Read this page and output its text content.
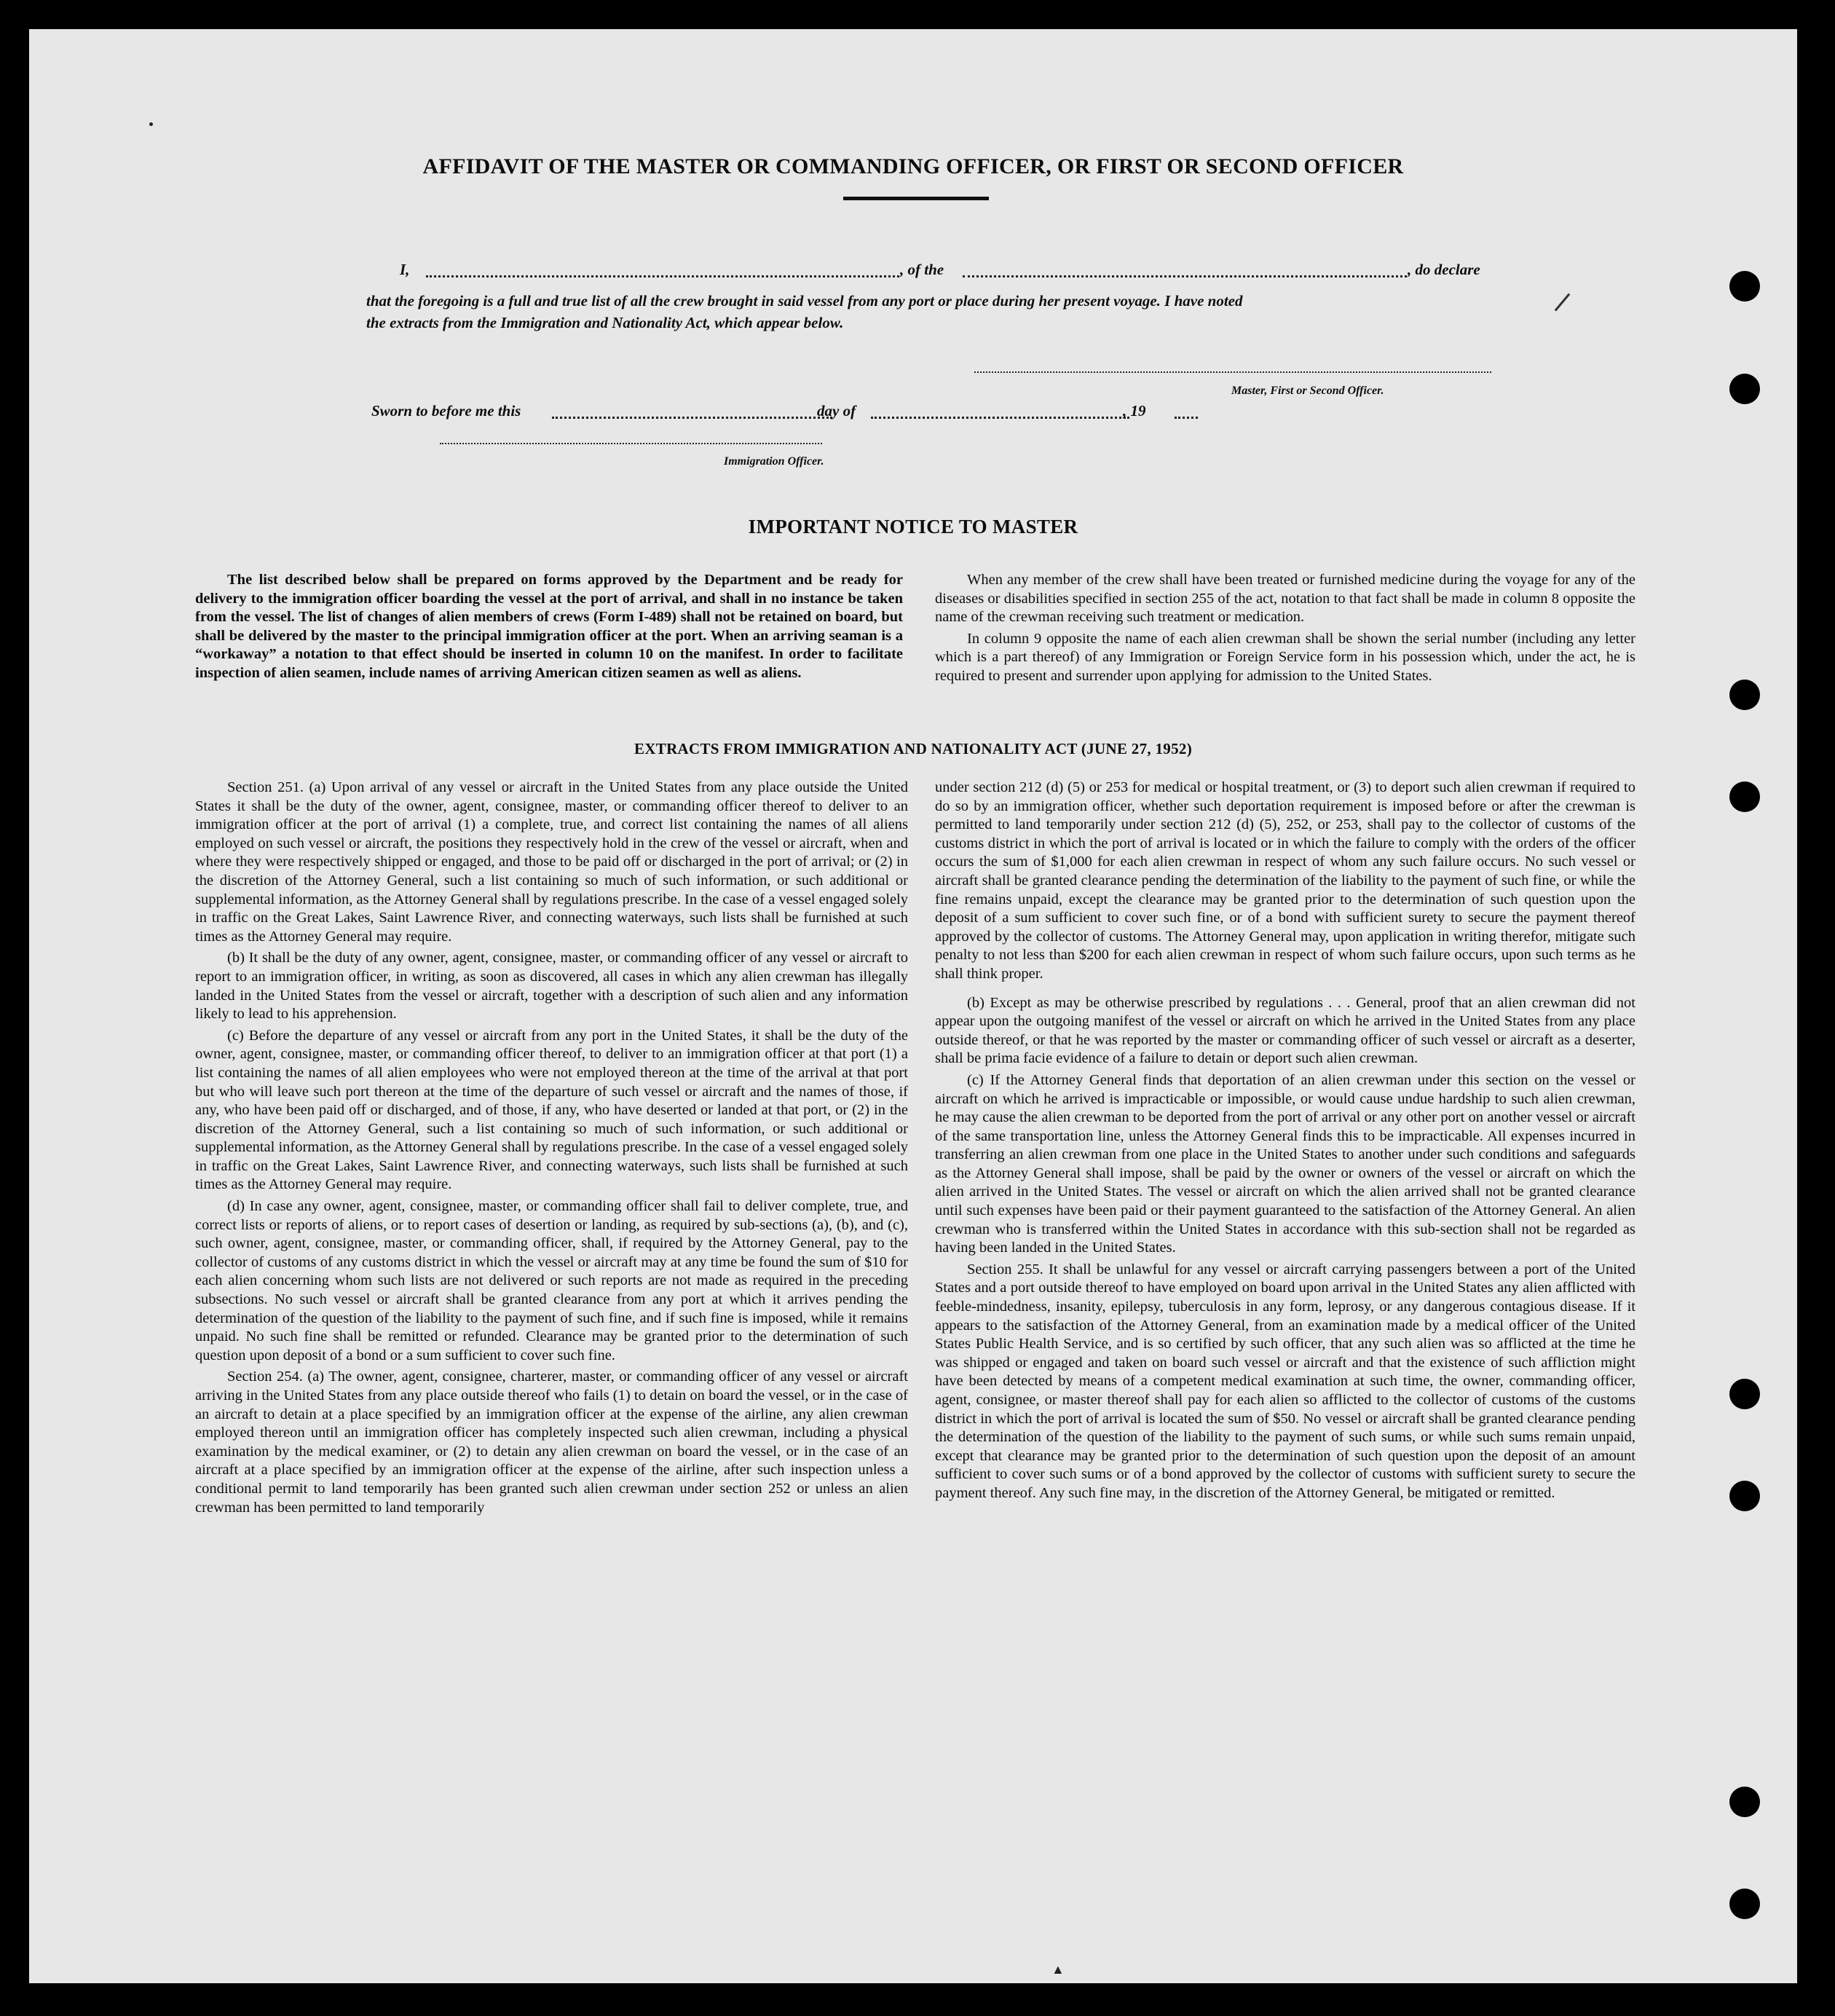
AFFIDAVIT OF THE MASTER OR COMMANDING OFFICER, OR FIRST OR SECOND OFFICER
I,	, of the	, do declare
that the foregoing is a full and true list of all the crew brought in said vessel from any port or place during her present voyage. I have noted
the extracts from the Immigration and Nationality Act, which appear below.
Master, First or Second Officer.
Sworn to before me this	day of	, 19
Immigration Officer.
IMPORTANT NOTICE TO MASTER

The list described below shall be prepared on forms approved by the Department and be ready for delivery to the immigration officer boarding the vessel at the port of arrival, and shall in no instance be taken from the vessel. The list of changes of alien members of crews (Form I-489) shall not be retained on board, but shall be delivered by the master to the principal immigration officer at the port. When an arriving seaman is a “workaway” a notation to that effect should be inserted in column 10 on the manifest. In order to facilitate inspection of alien seamen, include names of arriving American citizen seamen as well as aliens.

When any member of the crew shall have been treated or furnished medicine during the voyage for any of the diseases or disabilities specified in section 255 of the act, notation to that fact shall be made in column 8 opposite the name of the crewman receiving such treatment or medication.

In column 9 opposite the name of each alien crewman shall be shown the serial number (including any letter which is a part thereof) of any Immigration or Foreign Service form in his possession which, under the act, he is required to present and surrender upon applying for admission to the United States.

EXTRACTS FROM IMMIGRATION AND NATIONALITY ACT (JUNE 27, 1952)

Section 251. (a) Upon arrival of any vessel or aircraft in the United States from any place outside the United States it shall be the duty of the owner, agent, consignee, master, or commanding officer thereof to deliver to an immigration officer at the port of arrival (1) a complete, true, and correct list containing the names of all aliens employed on such vessel or aircraft, the positions they respectively hold in the crew of the vessel or aircraft, when and where they were respectively shipped or engaged, and those to be paid off or discharged in the port of arrival; or (2) in the discretion of the Attorney General, such a list containing so much of such information, or such additional or supplemental information, as the Attorney General shall by regulations prescribe. In the case of a vessel engaged solely in traffic on the Great Lakes, Saint Lawrence River, and connecting waterways, such lists shall be furnished at such times as the Attorney General may require.

(b) It shall be the duty of any owner, agent, consignee, master, or commanding officer of any vessel or aircraft to report to an immigration officer, in writing, as soon as discovered, all cases in which any alien crewman has illegally landed in the United States from the vessel or aircraft, together with a description of such alien and any information likely to lead to his apprehension.

(c) Before the departure of any vessel or aircraft from any port in the United States, it shall be the duty of the owner, agent, consignee, master, or commanding officer thereof, to deliver to an immigration officer at that port (1) a list containing the names of all alien employees who were not employed thereon at the time of the arrival at that port but who will leave such port thereon at the time of the departure of such vessel or aircraft and the names of those, if any, who have been paid off or discharged, and of those, if any, who have deserted or landed at that port, or (2) in the discretion of the Attorney General, such a list containing so much of such information, or such additional or supplemental information, as the Attorney General shall by regulations prescribe. In the case of a vessel engaged solely in traffic on the Great Lakes, Saint Lawrence River, and connecting waterways, such lists shall be furnished at such times as the Attorney General may require.

(d) In case any owner, agent, consignee, master, or commanding officer shall fail to deliver complete, true, and correct lists or reports of aliens, or to report cases of desertion or landing, as required by sub-sections (a), (b), and (c), such owner, agent, consignee, master, or commanding officer, shall, if required by the Attorney General, pay to the collector of customs of any customs district in which the vessel or aircraft may at any time be found the sum of $10 for each alien concerning whom such lists are not delivered or such reports are not made as required in the preceding subsections. No such vessel or aircraft shall be granted clearance from any port at which it arrives pending the determination of the question of the liability to the payment of such fine, and if such fine is imposed, while it remains unpaid. No such fine shall be remitted or refunded. Clearance may be granted prior to the determination of such question upon deposit of a bond or a sum sufficient to cover such fine.

Section 254. (a) The owner, agent, consignee, charterer, master, or commanding officer of any vessel or aircraft arriving in the United States from any place outside thereof who fails (1) to detain on board the vessel, or in the case of an aircraft to detain at a place specified by an immigration officer at the expense of the airline, any alien crewman employed thereon until an immigration officer has completely inspected such alien crewman, including a physical examination by the medical examiner, or (2) to detain any alien crewman on board the vessel, or in the case of an aircraft at a place specified by an immigration officer at the expense of the airline, after such inspection unless a conditional permit to land temporarily has been granted such alien crewman under section 252 or unless an alien crewman has been permitted to land temporarily

under section 212 (d) (5) or 253 for medical or hospital treatment, or (3) to deport such alien crewman if required to do so by an immigration officer, whether such deportation requirement is imposed before or after the crewman is permitted to land temporarily under section 212 (d) (5), 252, or 253, shall pay to the collector of customs of the customs district in which the port of arrival is located or in which the failure to comply with the orders of the officer occurs the sum of $1,000 for each alien crewman in respect of whom any such failure occurs. No such vessel or aircraft shall be granted clearance pending the determination of the liability to the payment of such fine, or while the fine remains unpaid, except the clearance may be granted prior to the determination of such question upon the deposit of a sum sufficient to cover such fine, or of a bond with sufficient surety to secure the payment thereof approved by the collector of customs. The Attorney General may, upon application in writing therefor, mitigate such penalty to not less than $200 for each alien crewman in respect of whom such failure occurs, upon such terms as he shall think proper.

(b) Except as may be otherwise prescribed by regulations . . . General, proof that an alien crewman did not appear upon the outgoing manifest of the vessel or aircraft on which he arrived in the United States from any place outside thereof, or that he was reported by the master or commanding officer of such vessel or aircraft as a deserter, shall be prima facie evidence of a failure to detain or deport such alien crewman.

(c) If the Attorney General finds that deportation of an alien crewman under this section on the vessel or aircraft on which he arrived is impracticable or impossible, or would cause undue hardship to such alien crewman, he may cause the alien crewman to be deported from the port of arrival or any other port on another vessel or aircraft of the same transportation line, unless the Attorney General finds this to be impracticable. All expenses incurred in transferring an alien crewman from one place in the United States to another under such conditions and safeguards as the Attorney General shall impose, shall be paid by the owner or owners of the vessel or aircraft on which the alien arrived in the United States. The vessel or aircraft on which the alien arrived shall not be granted clearance until such expenses have been paid or their payment guaranteed to the satisfaction of the Attorney General. An alien crewman who is transferred within the United States in accordance with this sub-section shall not be regarded as having been landed in the United States.

Section 255. It shall be unlawful for any vessel or aircraft carrying passengers between a port of the United States and a port outside thereof to have employed on board upon arrival in the United States any alien afflicted with feeble-mindedness, insanity, epilepsy, tuberculosis in any form, leprosy, or any dangerous contagious disease. If it appears to the satisfaction of the Attorney General, from an examination made by a medical officer of the United States Public Health Service, and is so certified by such officer, that any such alien was so afflicted at the time he was shipped or engaged and taken on board such vessel or aircraft and that the existence of such affliction might have been detected by means of a competent medical examination at such time, the owner, commanding officer, agent, consignee, or master thereof shall pay for each alien so afflicted to the collector of customs of the customs district in which the port of arrival is located the sum of $50. No vessel or aircraft shall be granted clearance pending the determination of the question of the liability to the payment of such sums, or while such sums remain unpaid, except that clearance may be granted prior to the determination of such question upon the deposit of an amount sufficient to cover such sums or of a bond approved by the collector of customs with sufficient surety to secure the payment thereof. Any such fine may, in the discretion of the Attorney General, be mitigated or remitted.

▲
